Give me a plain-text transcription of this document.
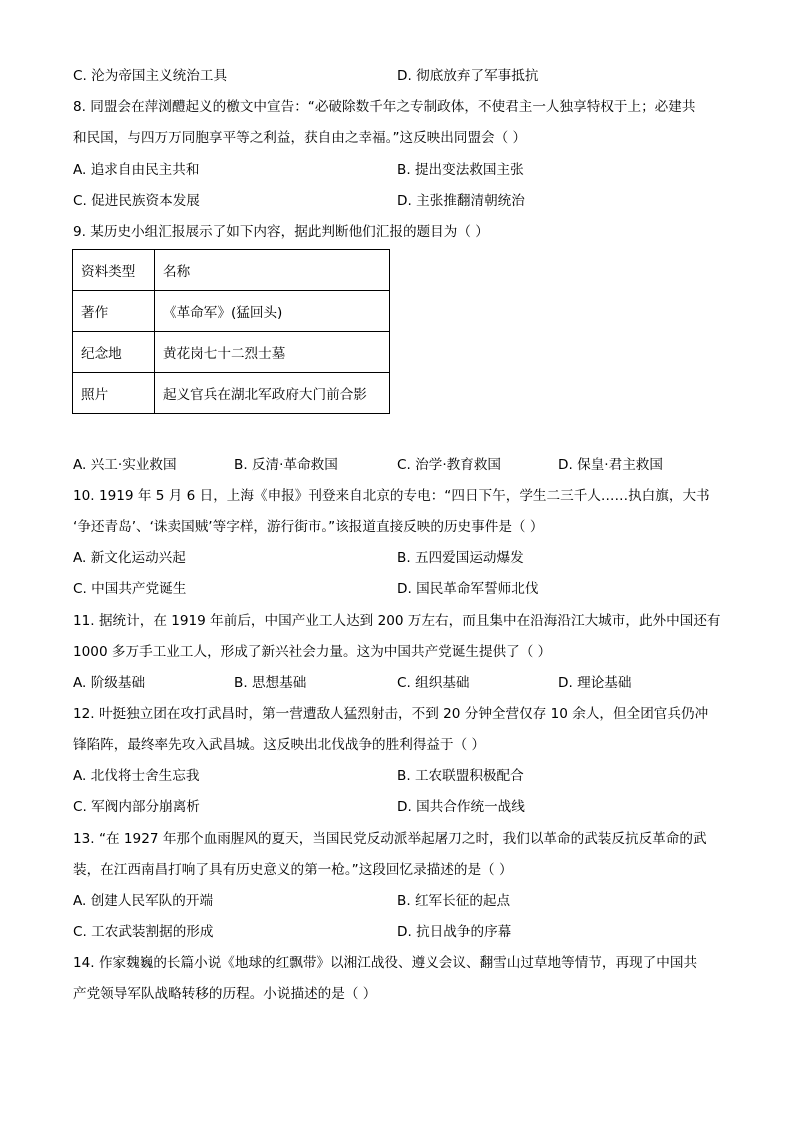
C. 沦为帝国主义统治工具	D. 彻底放弃了军事抵抗
8. 同盟会在萍浏醴起义的檄文中宣告：“必破除数千年之专制政体，不使君主一人独享特权于上；必建共
和民国，与四万万同胞享平等之利益，获自由之幸福。”这反映出同盟会（ ）
A. 追求自由民主共和	B. 提出变法救国主张
C. 促进民族资本发展	D. 主张推翻清朝统治
9. 某历史小组汇报展示了如下内容，据此判断他们汇报的题目为（ ）
资料类型	名称
著作	《革命军》(猛回头)
纪念地	黄花岗七十二烈士墓
照片	起义官兵在湖北军政府大门前合影
A. 兴工·实业救国	B. 反清·革命救国	C. 治学·教育救国	D. 保皇·君主救国
10. 1919 年 5 月 6 日，上海《申报》刊登来自北京的专电：“四日下午，学生二三千人……执白旗，大书
‘争还青岛’、‘诛卖国贼’等字样，游行街市。”该报道直接反映的历史事件是（ ）
A. 新文化运动兴起	B. 五四爱国运动爆发
C. 中国共产党诞生	D. 国民革命军誓师北伐
11. 据统计，在 1919 年前后，中国产业工人达到 200 万左右，而且集中在沿海沿江大城市，此外中国还有
1000 多万手工业工人，形成了新兴社会力量。这为中国共产党诞生提供了（ ）
A. 阶级基础	B. 思想基础	C. 组织基础	D. 理论基础
12. 叶挺独立团在攻打武昌时，第一营遭敌人猛烈射击，不到 20 分钟全营仅存 10 余人，但全团官兵仍冲
锋陷阵，最终率先攻入武昌城。这反映出北伐战争的胜利得益于（ ）
A. 北伐将士舍生忘我	B. 工农联盟积极配合
C. 军阀内部分崩离析	D. 国共合作统一战线
13. “在 1927 年那个血雨腥风的夏天，当国民党反动派举起屠刀之时，我们以革命的武装反抗反革命的武
装，在江西南昌打响了具有历史意义的第一枪。”这段回忆录描述的是（ ）
A. 创建人民军队的开端	B. 红军长征的起点
C. 工农武装割据的形成	D. 抗日战争的序幕
14. 作家魏巍的长篇小说《地球的红飘带》以湘江战役、遵义会议、翻雪山过草地等情节，再现了中国共
产党领导军队战略转移的历程。小说描述的是（ ）
